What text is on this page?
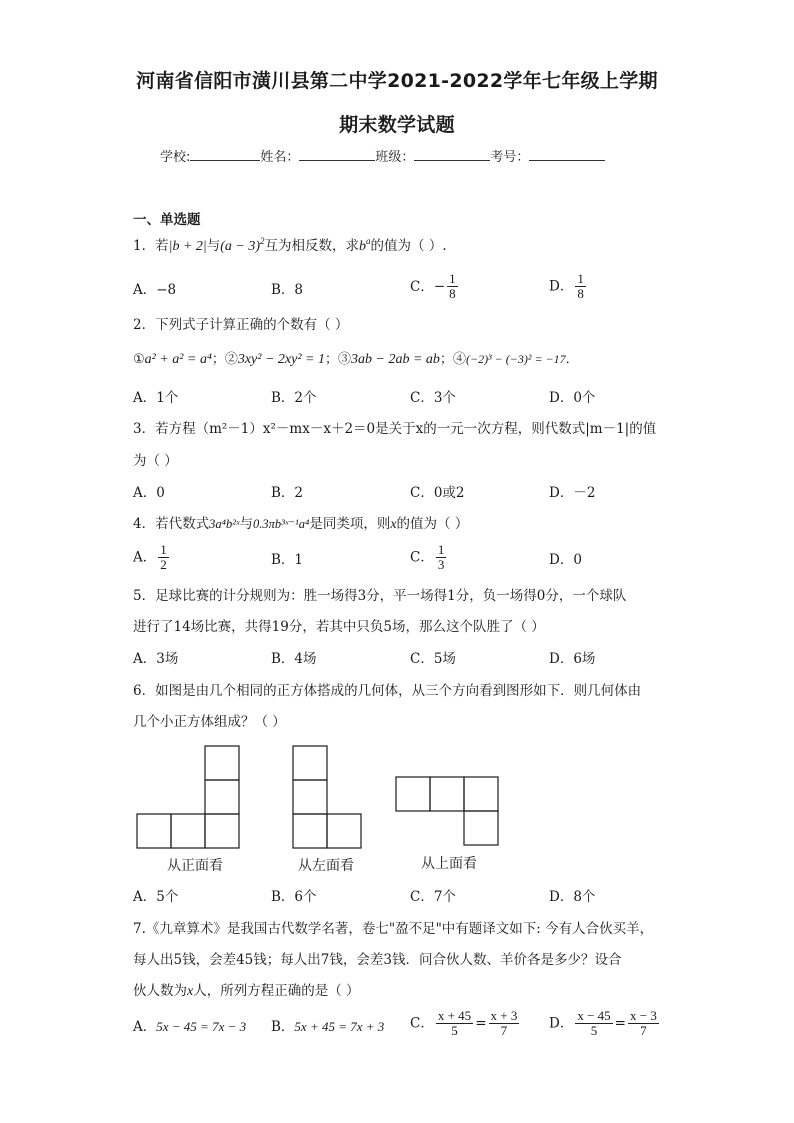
河南省信阳市潢川县第二中学2021-2022学年七年级上学期
期末数学试题
学校:	姓名：	班级：	考号：
一、单选题
1．若|b + 2|与$(a - 3)^2$互为相反数，求$b^a$的值为（ ）.
A．−8	B．8	C．− $\frac{1}{8}$	D． $\frac{1}{8}$
2．下列式子计算正确的个数有（ ）
①a² + a² = a⁴；②3xy² − 2xy² = 1；③3ab − 2ab = ab；④(−2)³ − (−3)² = −17．
A．1个	B．2个	C．3个	D．0个
3．若方程（m²－1）x²－mx－x＋2＝0是关于x的一元一次方程，则代数式|m－1|的值
为（ ）
A．0	B．2	C．0或2	D．－2
4．若代数式3a⁴b²ˣ与0.3πb³ˣ⁻¹a⁴是同类项，则x的值为（ ）
A． $\frac{1}{2}$	B．1	C． $\frac{1}{3}$	D．0
5．足球比赛的计分规则为：胜一场得3分，平一场得1分，负一场得0分，一个球队
进行了14场比赛，共得19分，若其中只负5场，那么这个队胜了（ ）
A．3场	B．4场	C．5场	D．6场
6．如图是由几个相同的正方体搭成的几何体，从三个方向看到图形如下．则几何体由
几个小正方体组成？（ ）
从正面看	从左面看	从上面看
A．5个	B．6个	C．7个	D．8个
7.《九章算术》是我国古代数学名著，卷七"盈不足"中有题译文如下: 今有人合伙买羊，
每人出5钱，会差45钱；每人出7钱，会差3钱．问合伙人数、羊价各是多少？设合
伙人数为x人，所列方程正确的是（ ）
A．5x − 45 = 7x − 3 B．5x + 45 = 7x + 3 C． $\frac{x + 45}{5} = \frac{x + 3}{7}$ D． $\frac{x - 45}{5} = \frac{x - 3}{7}$
